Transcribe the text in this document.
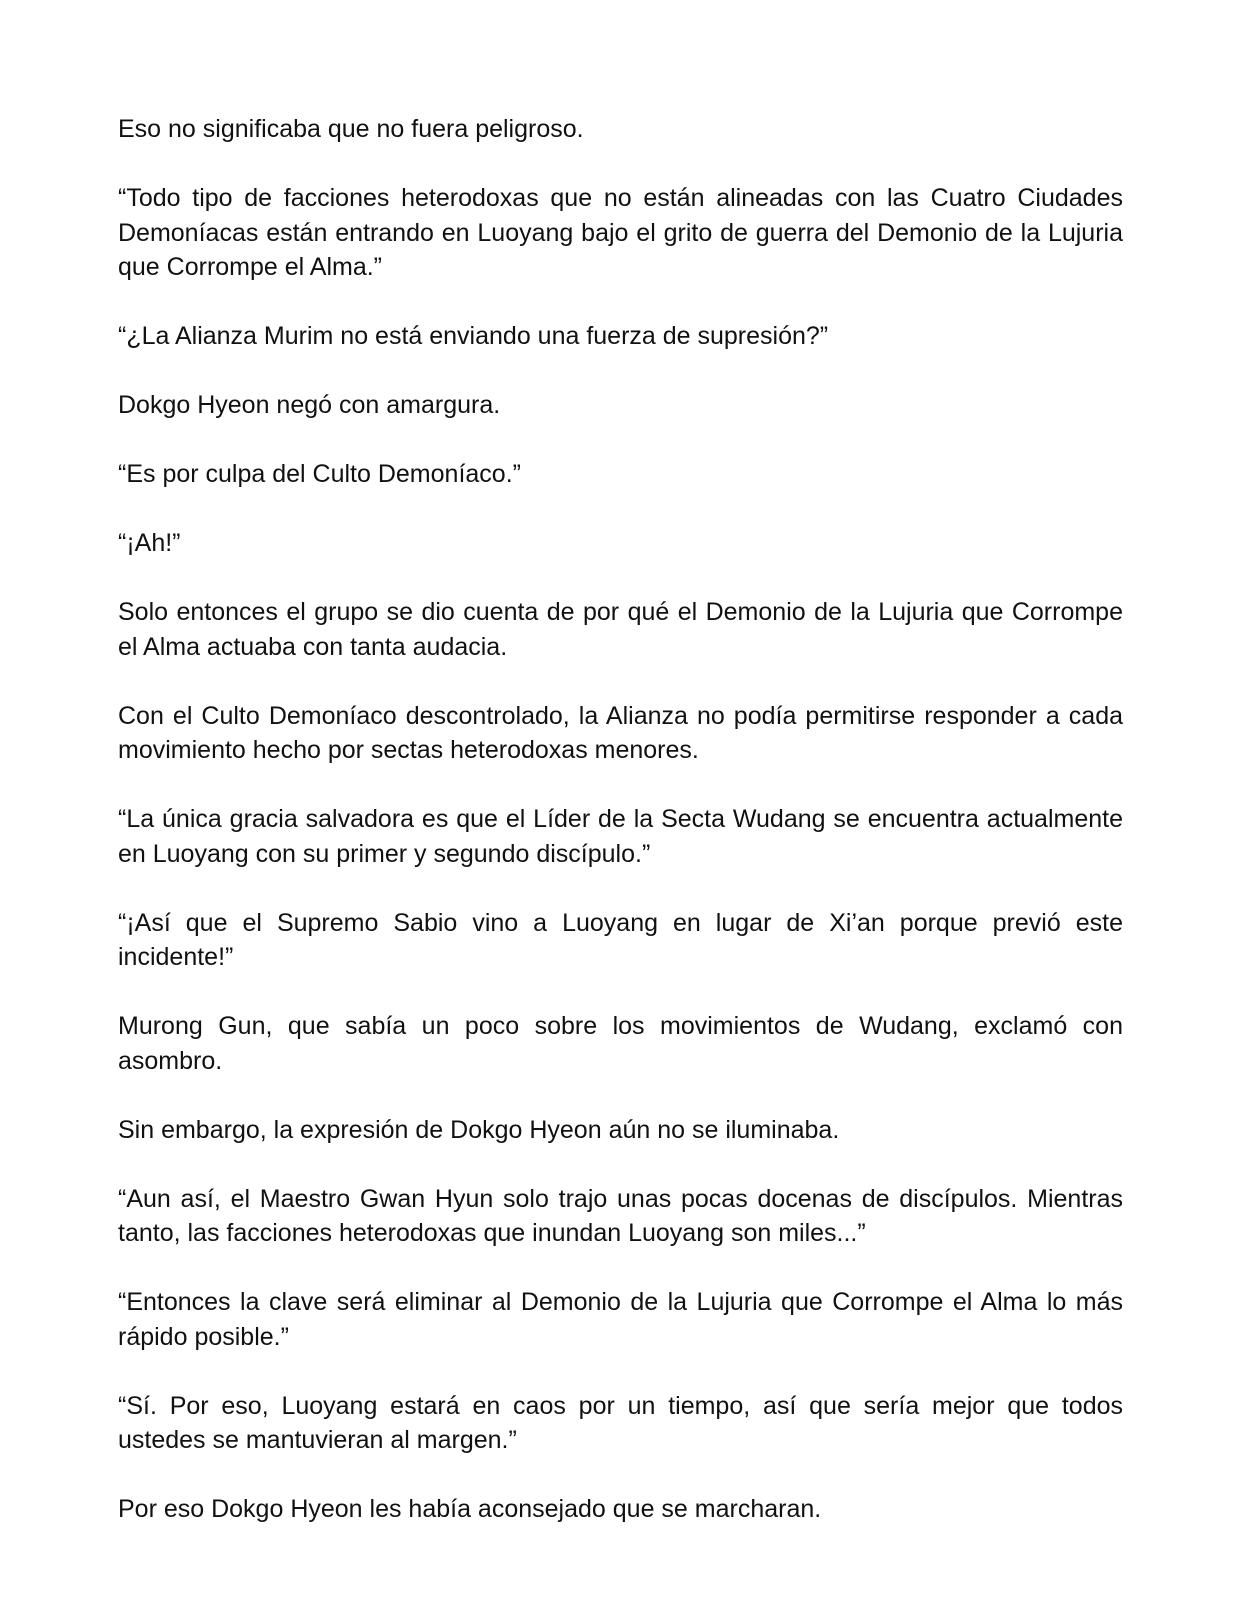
Eso no significaba que no fuera peligroso.

“Todo tipo de facciones heterodoxas que no están alineadas con las Cuatro Ciudades Demoníacas están entrando en Luoyang bajo el grito de guerra del Demonio de la Lujuria que Corrompe el Alma.”

“¿La Alianza Murim no está enviando una fuerza de supresión?”

Dokgo Hyeon negó con amargura.

“Es por culpa del Culto Demoníaco.”

“¡Ah!”

Solo entonces el grupo se dio cuenta de por qué el Demonio de la Lujuria que Corrompe el Alma actuaba con tanta audacia.

Con el Culto Demoníaco descontrolado, la Alianza no podía permitirse responder a cada movimiento hecho por sectas heterodoxas menores.

“La única gracia salvadora es que el Líder de la Secta Wudang se encuentra actualmente en Luoyang con su primer y segundo discípulo.”

“¡Así que el Supremo Sabio vino a Luoyang en lugar de Xi’an porque previó este incidente!”

Murong Gun, que sabía un poco sobre los movimientos de Wudang, exclamó con asombro.

Sin embargo, la expresión de Dokgo Hyeon aún no se iluminaba.

“Aun así, el Maestro Gwan Hyun solo trajo unas pocas docenas de discípulos. Mientras tanto, las facciones heterodoxas que inundan Luoyang son miles...”

“Entonces la clave será eliminar al Demonio de la Lujuria que Corrompe el Alma lo más rápido posible.”

“Sí. Por eso, Luoyang estará en caos por un tiempo, así que sería mejor que todos ustedes se mantuvieran al margen.”

Por eso Dokgo Hyeon les había aconsejado que se marcharan.
